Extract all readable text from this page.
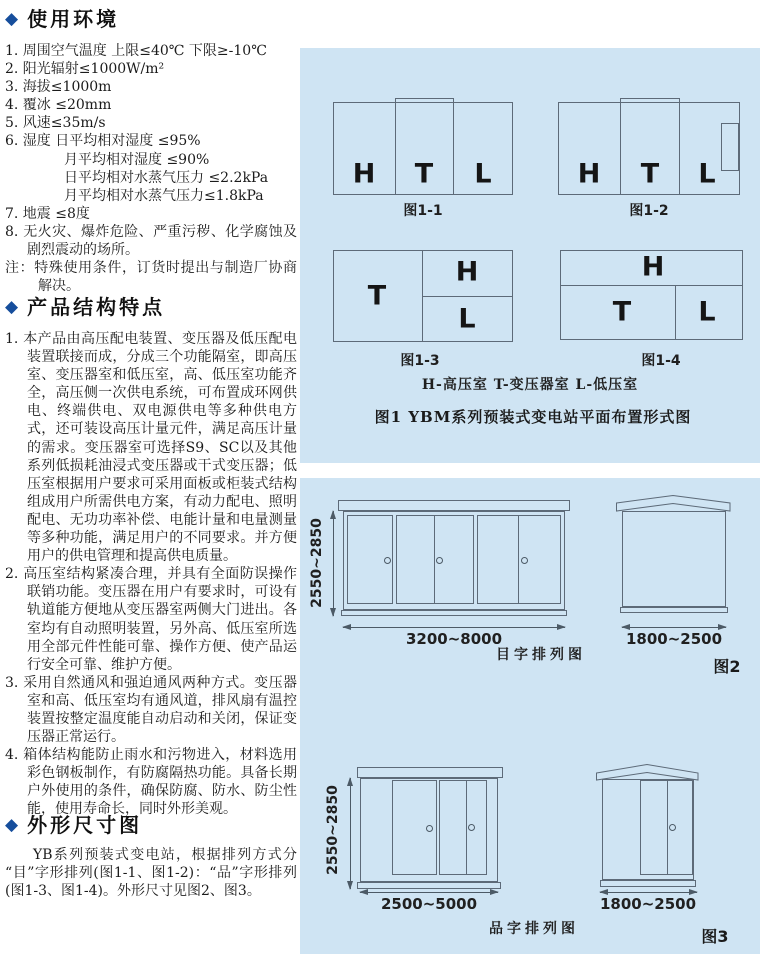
◆ 使用环境

1. 周围空气温度 上限≤40℃ 下限≥-10℃

2. 阳光辐射≤1000W/m²

3. 海拔≤1000m

4. 覆冰 ≤20mm

5. 风速≤35m/s

6. 湿度 日平均相对湿度 ≤95%

月平均相对湿度 ≤90%

日平均相对水蒸气压力 ≤2.2kPa

月平均相对水蒸气压力≤1.8kPa

7. 地震 ≤8度

8. 无火灾、爆炸危险、严重污秽、化学腐蚀及剧烈震动的场所。

注：特殊使用条件，订货时提出与制造厂协商解决。

◆ 产品结构特点

1. 本产品由高压配电装置、变压器及低压配电装置联接而成，分成三个功能隔室，即高压室、变压器室和低压室，高、低压室功能齐全，高压侧一次供电系统，可布置成环网供电、终端供电、双电源供电等多种供电方式，还可装设高压计量元件，满足高压计量的需求。变压器室可选择S9、SC以及其他系列低损耗油浸式变压器或干式变压器；低压室根据用户要求可采用面板或柜装式结构组成用户所需供电方案，有动力配电、照明配电、无功功率补偿、电能计量和电量测量等多种功能，满足用户的不同要求。并方便用户的供电管理和提高供电质量。

2. 高压室结构紧凑合理，并具有全面防误操作联销功能。变压器在用户有要求时，可设有轨道能方便地从变压器室两侧大门进出。各室均有自动照明装置，另外高、低压室所选用全部元件性能可靠、操作方便、使产品运行安全可靠、维护方便。

3. 采用自然通风和强迫通风两种方式。变压器室和高、低压室均有通风道，排风扇有温控装置按整定温度能自动启动和关闭，保证变压器正常运行。

4. 箱体结构能防止雨水和污物进入，材料选用彩色钢板制作，有防腐隔热功能。具备长期户外使用的条件，确保防腐、防水、防尘性能，使用寿命长，同时外形美观。

◆ 外形尺寸图

YB系列预装式变电站，根据排列方式分“目”字形排列(图1-1、图1-2)：“品”字形排列(图1-3、图1-4)。外形尺寸见图2、图3。

H T L
图1-1
H T L
图1-2
T
H
L
图1-3
H
T L
图1-4
H-高压室 T-变压器室 L-低压室
图1 YBM系列预装式变电站平面布置形式图
2550~2850
3200~8000
目字排列图
1800~2500
图2
2550~2850
2500~5000
品字排列图
1800~2500
图3
